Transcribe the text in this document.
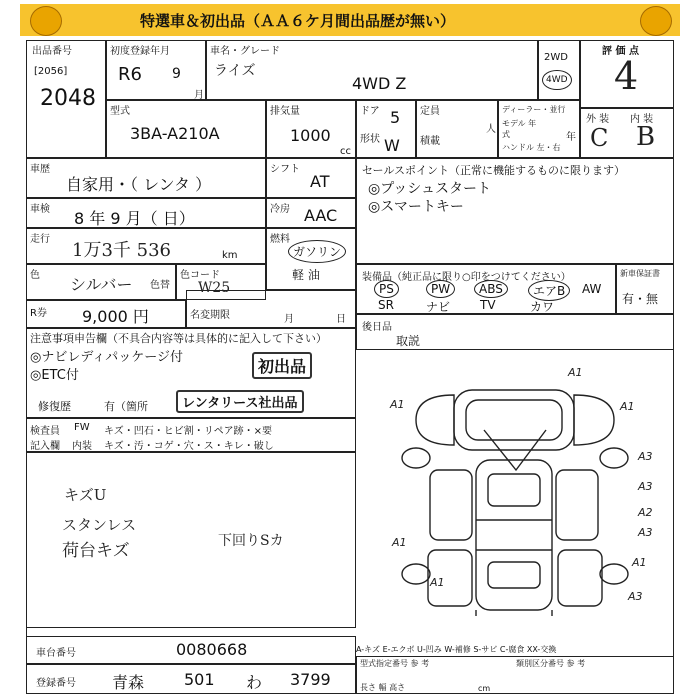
特選車＆初出品（ＡＡ６ケ月間出品歴が無い）
出品番号
[2056]
2048
初度登録年月
R6 9
月
車名・グレード
ライズ
4WD Z
2WD
4WD
評 価 点
4
型式
3BA-A210A
排気量
1000
cc
ドア 5
形状 W
定員
人
積載
ディーラー・並行
モデル 年式	年
ハンドル 左・右
外 装 内 装
C B
車歴
自家用・（ レンタ ）
シフト
AT
車検 8 年 9 月（ 日）	冷房 AAC
走行
1万3千 536	km
燃料
ガソリン
軽 油
色 シルバー 色替
色コード
W25
R券 9,000 円	名変期限	月	日
セールスポイント（正常に機能するものに限ります）
◎プッシュスタート
◎スマートキー
装備品（純正品に限り○印をつけてください）
PS	PW	ABS	エアB	AW
SR	ナビ TV	カワ
新車保証書
有・無
後日品
取説
注意事項申告欄（不具合内容等は具体的に記入して下さい）
◎ナビレディパッケージ付
◎ETC付	初出品
修復歴	有（箇所	レンタリース社出品
検査員
記入欄
FW キズ・凹石・ヒビ割・リペア跡・×要
内装 キズ・汚・コゲ・穴・ス・キレ・破し
キズU
スタンレス
荷台キズ	下回りSカ
A1
A1
A1
A3
A3
A2
A3
A1
A1
A3
A1
A-キズ E-エクボ U-凹み W-補修 S-サビ C-腐食 XX-交換
車台番号	0080668
登録番号 青森 501 わ 3799
型式指定番号 参 考	類別区分番号 参 考
長さ 幅 高さ	cm
